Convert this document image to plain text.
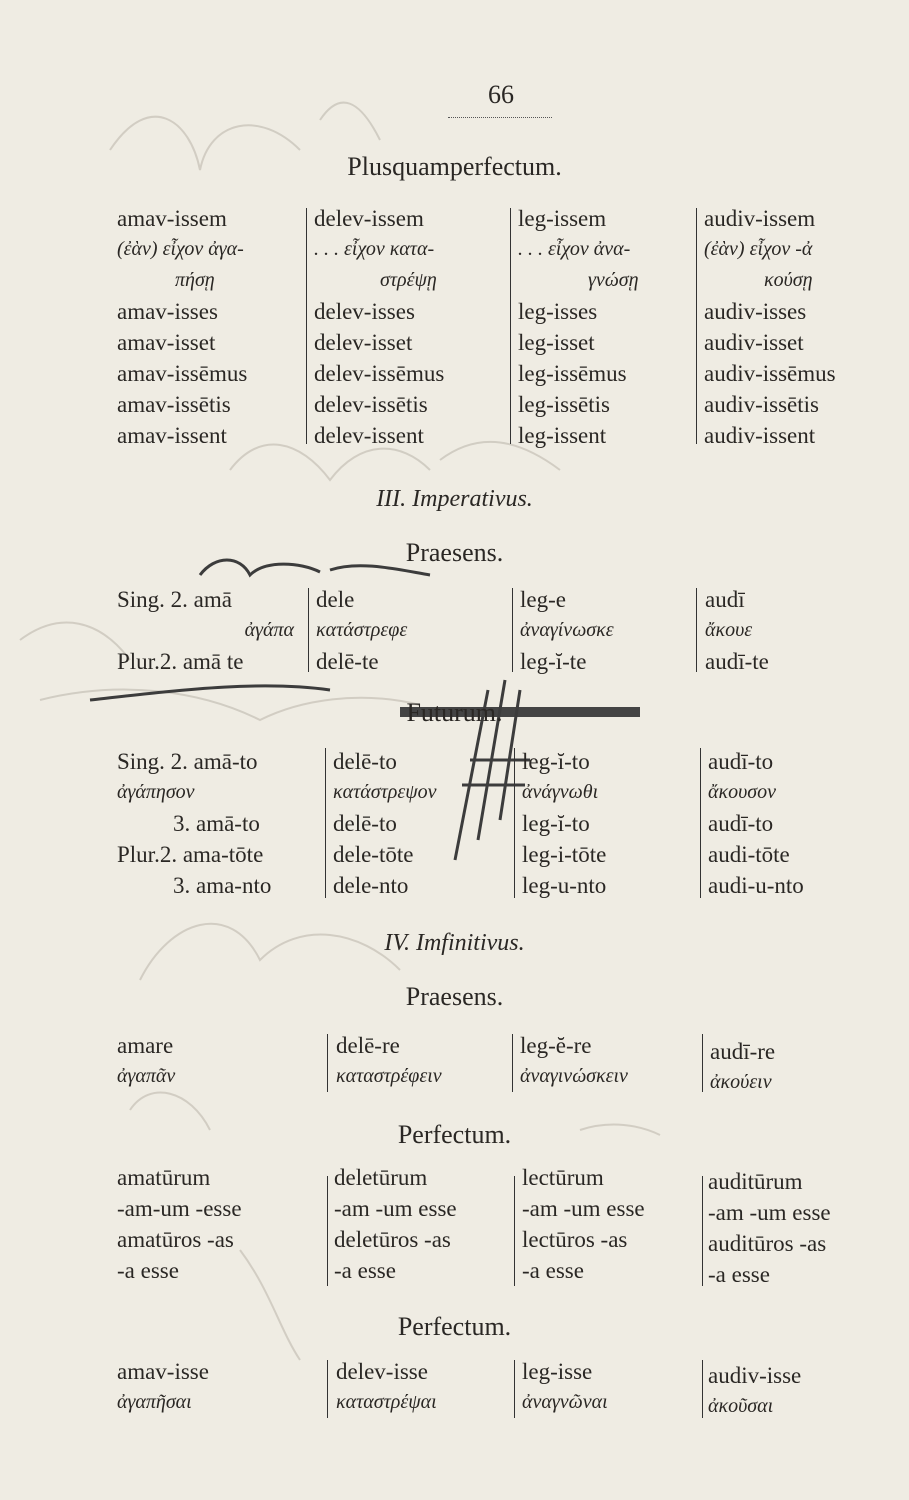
66
Plusquamperfectum.
amav-issem
(ἐὰν) εἶχον ἀγα-
πήσῃ
amav-isses
amav-isset
amav-issēmus
amav-issētis
amav-issent
delev-issem
. . . εἶχον κατα-
στρέψῃ
delev-isses
delev-isset
delev-issēmus
delev-issētis
delev-issent
leg-issem
. . . εἶχον ἀνα-
γνώσῃ
leg-isses
leg-isset
leg-issēmus
leg-issētis
leg-issent
audiv-issem
(ἐὰν) εἶχον -ἀ
κούσῃ
audiv-isses
audiv-isset
audiv-issēmus
audiv-issētis
audiv-issent
III. Imperativus.
Praesens.
Sing. 2. amā
ἀγάπα
Plur.2. amā te
dele
κατάστρεφε
delē-te
leg-e
ἀναγίνωσκε
leg-ĭ-te
audī
ἄκουε
audī-te
Futurum.
Sing. 2. amā-to
ἀγάπησον
3. amā-to
Plur.2. ama-tōte
3. ama-nto
delē-to
κατάστρεψον
delē-to
dele-tōte
dele-nto
leg-ĭ-to
ἀνάγνωθι
leg-ĭ-to
leg-i-tōte
leg-u-nto
audī-to
ἄκουσον
audī-to
audi-tōte
audi-u-nto
IV. Imfinitivus.
Praesens.
amare
ἀγαπᾶν
delē-re
καταστρέφειν
leg-ĕ-re
ἀναγινώσκειν
audī-re
ἀκούειν
Perfectum.
amatūrum
-am-um -esse
amatūros -as
-a esse
deletūrum
-am -um esse
deletūros -as
-a esse
lectūrum
-am -um esse
lectūros -as
-a esse
auditūrum
-am -um esse
auditūros -as
-a esse
Perfectum.
amav-isse
ἀγαπῆσαι
delev-isse
καταστρέψαι
leg-isse
ἀναγνῶναι
audiv-isse
ἀκοῦσαι
